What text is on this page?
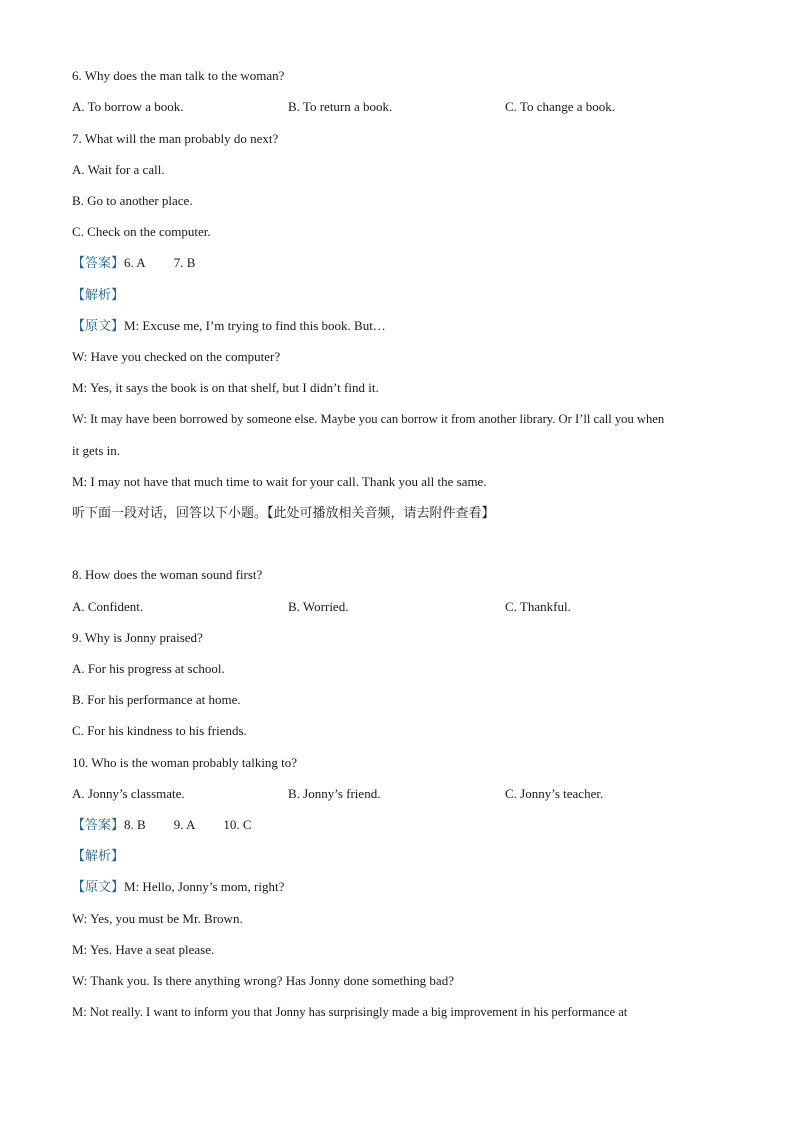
6. Why does the man talk to the woman?
A. To borrow a book.	B. To return a book.	C. To change a book.
7. What will the man probably do next?
A. Wait for a call.
B. Go to another place.
C. Check on the computer.
【答案】6. A 7. B
【解析】
【原文】M: Excuse me, I’m trying to find this book. But…
W: Have you checked on the computer?
M: Yes, it says the book is on that shelf, but I didn’t find it.
W: It may have been borrowed by someone else. Maybe you can borrow it from another library. Or I’ll call you when
it gets in.
M: I may not have that much time to wait for your call. Thank you all the same.
听下面一段对话，回答以下小题。【此处可播放相关音频，请去附件查看】
8. How does the woman sound first?
A. Confident.	B. Worried.	C. Thankful.
9. Why is Jonny praised?
A. For his progress at school.
B. For his performance at home.
C. For his kindness to his friends.
10. Who is the woman probably talking to?
A. Jonny’s classmate.	B. Jonny’s friend.	C. Jonny’s teacher.
【答案】8. B 9. A 10. C
【解析】
【原文】M: Hello, Jonny’s mom, right?
W: Yes, you must be Mr. Brown.
M: Yes. Have a seat please.
W: Thank you. Is there anything wrong? Has Jonny done something bad?
M: Not really. I want to inform you that Jonny has surprisingly made a big improvement in his performance at
